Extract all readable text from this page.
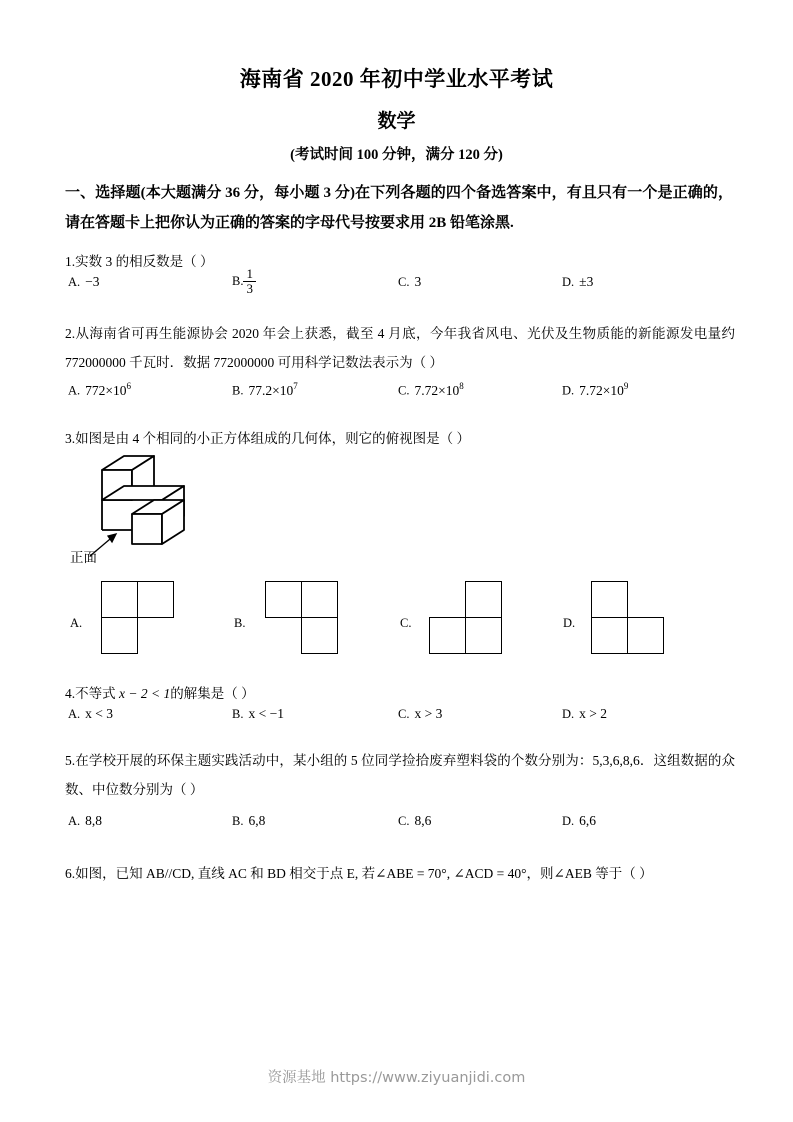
海南省 2020 年初中学业水平考试
数学
(考试时间 100 分钟，满分 120 分)
一、选择题(本大题满分 36 分，每小题 3 分)在下列各题的四个备选答案中，有且只有一个是正确的，请在答题卡上把你认为正确的答案的字母代号按要求用 2B 铅笔涂黑.
1.实数 3 的相反数是（ ）
A. −3	B. $\frac{1}{3}$	C. 3	D. ±3
2.从海南省可再生能源协会 2020 年会上获悉，截至 4 月底，今年我省风电、光伏及生物质能的新能源发电量约 772000000 千瓦时．数据 772000000 可用科学记数法表示为（ ）
A. $772\times 10^6$	B. $77.2\times 10^7$	C. $7.72\times 10^8$	D. $7.72\times 10^9$
3.如图是由 4 个相同的小正方体组成的几何体，则它的俯视图是（ ）
正面
A.	B.	C.	D.
4.不等式 x − 2 < 1的解集是（ ）
A. x < 3	B. x < −1	C. x > 3	D. x > 2
5.在学校开展的环保主题实践活动中，某小组的 5 位同学捡拾废弃塑料袋的个数分别为：5,3,6,8,6．这组数据的众数、中位数分别为（ ）
A. 8,8	B. 6,8	C. 8,6	D. 6,6
6.如图，已知 AB//CD, 直线 AC 和 BD 相交于点 E, 若∠ABE = 70°, ∠ACD = 40°，则∠AEB 等于（ ）
资源基地 https://www.ziyuanjidi.com
